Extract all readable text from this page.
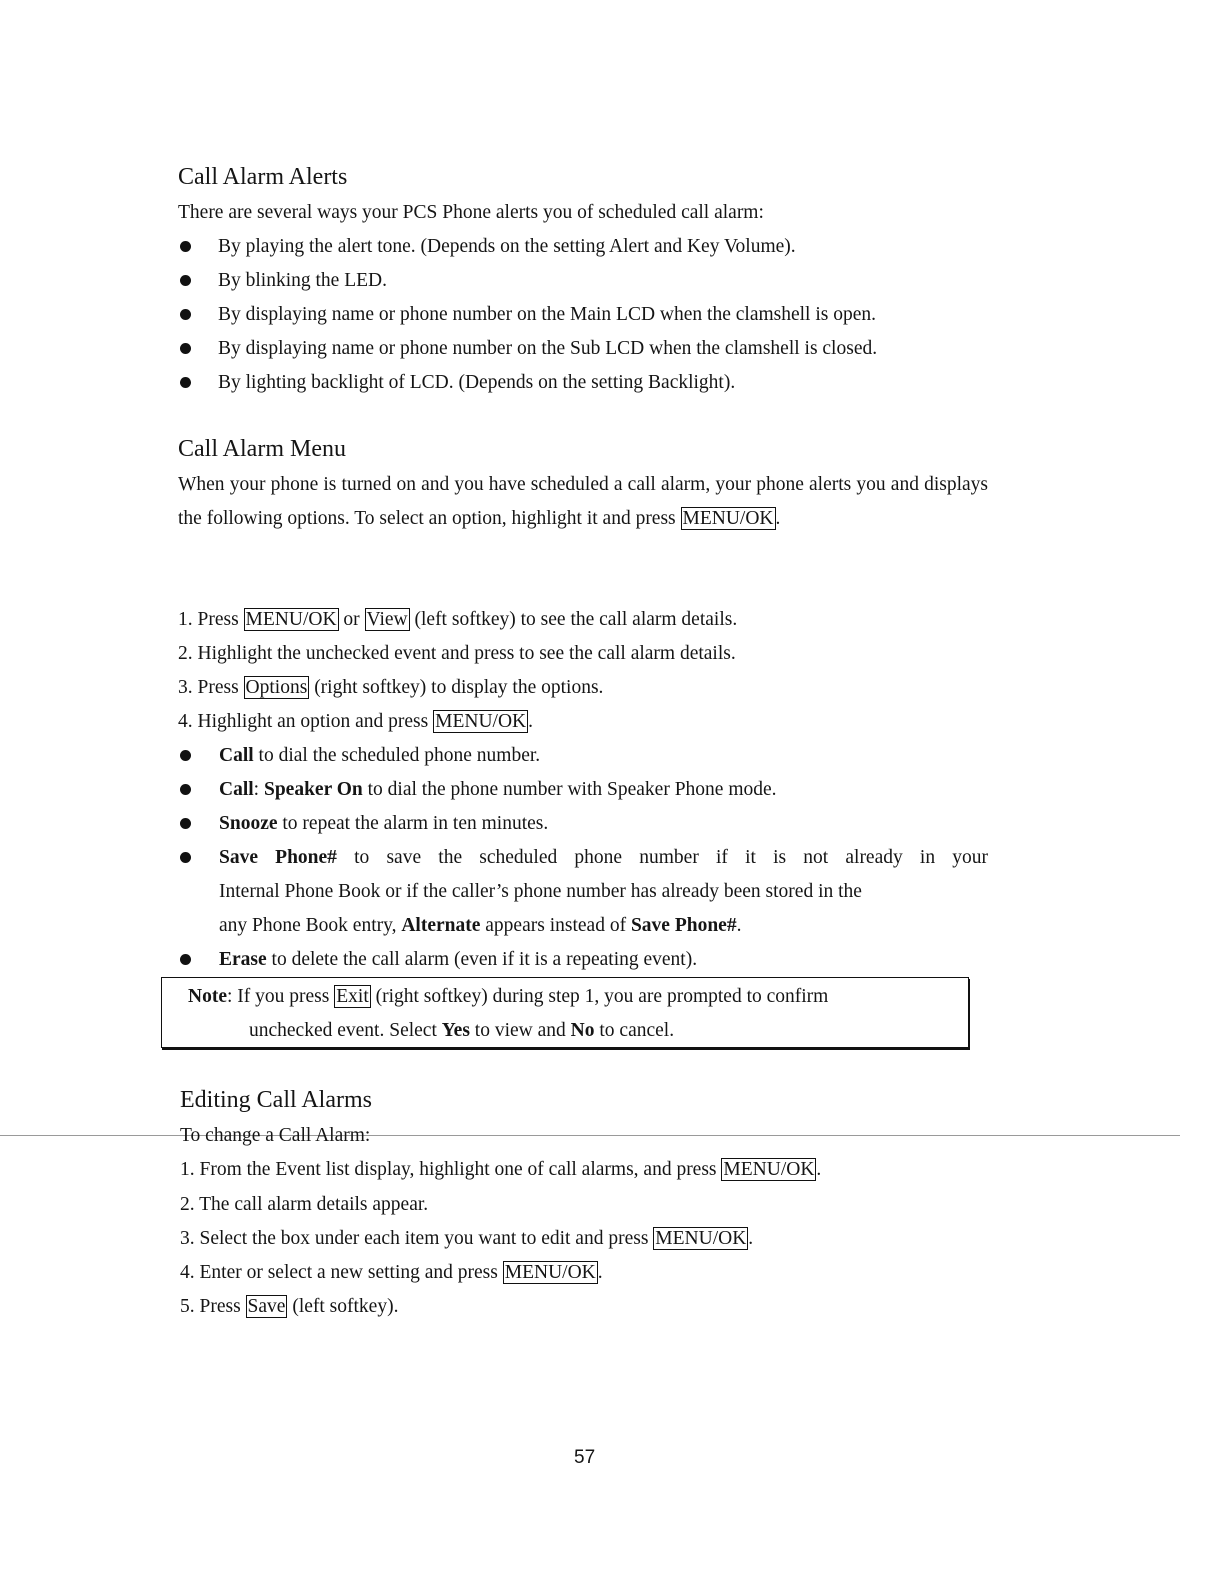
Call Alarm Alerts
There are several ways your PCS Phone alerts you of scheduled call alarm:
By playing the alert tone. (Depends on the setting Alert and Key Volume).
By blinking the LED.
By displaying name or phone number on the Main LCD when the clamshell is open.
By displaying name or phone number on the Sub LCD when the clamshell is closed.
By lighting backlight of LCD. (Depends on the setting Backlight).
Call Alarm Menu
When your phone is turned on and you have scheduled a call alarm, your phone alerts you and displays the following options. To select an option, highlight it and press MENU/OK .
1. Press MENU/OK or View (left softkey) to see the call alarm details.
2. Highlight the unchecked event and press to see the call alarm details.
3. Press Options (right softkey) to display the options.
4. Highlight an option and press MENU/OK .
Call to dial the scheduled phone number.
Call: Speaker On to dial the phone number with Speaker Phone mode.
Snooze to repeat the alarm in ten minutes.
Save Phone# to save the scheduled phone number if it is not already in your
Internal Phone Book or if the caller’s phone number has already been stored in the
any Phone Book entry, Alternate appears instead of Save Phone#.
Erase to delete the call alarm (even if it is a repeating event).
Note: If you press Exit (right softkey) during step 1, you are prompted to confirm
unchecked event. Select Yes to view and No to cancel.
Editing Call Alarms
To change a Call Alarm:
1. From the Event list display, highlight one of call alarms, and press MENU/OK .
2. The call alarm details appear.
3. Select the box under each item you want to edit and press MENU/OK .
4. Enter or select a new setting and press MENU/OK .
5. Press Save (left softkey).
57
